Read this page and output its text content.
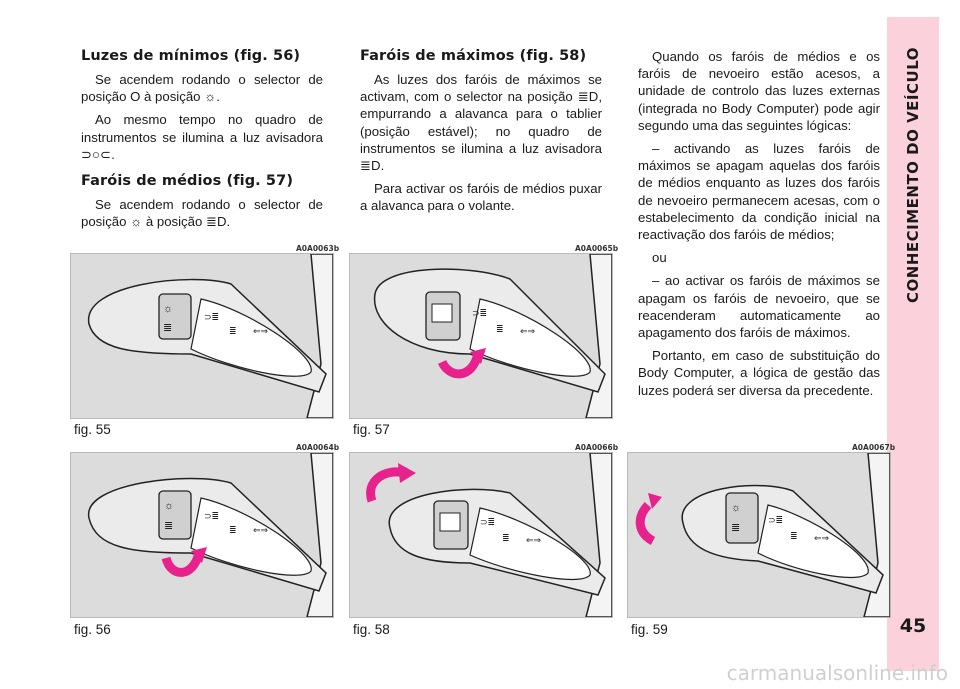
CONHECIMENTO DO VEÍCULO
45
Luzes de mínimos (fig. 56)

Se acendem rodando o selector de posição O à posição ☼.

Ao mesmo tempo no quadro de instrumentos se ilumina a luz avisadora ⊃○⊂.

Faróis de médios (fig. 57)

Se acendem rodando o selector de posição ☼ à posição ≣D.

Faróis de máximos (fig. 58)

As luzes dos faróis de máximos se activam, com o selector na posição ≣D, empurrando a alavanca para o tablier (posição estável); no quadro de instrumentos se ilumina a luz avisadora ≣D.

Para activar os faróis de médios puxar a alavanca para o volante.

Quando os faróis de médios e os faróis de nevoeiro estão acesos, a unidade de controlo das luzes externas (integrada no Body Computer) pode agir segundo uma das seguintes lógicas:

– activando as luzes faróis de máximos se apagam aquelas dos faróis de médios enquanto as luzes dos faróis de nevoeiro permanecem acesas, com o estabelecimento da condição inicial na reactivação dos faróis de médios;

ou

– ao activar os faróis de máximos se apagam os faróis de nevoeiro, que se reacenderam automaticamente ao apagamento dos faróis de máximos.

Portanto, em caso de substituição do Body Computer, a lógica de gestão das luzes poderá ser diversa da precedente.

A0A0063b
☼
≣
⊃≣
≣ ⇐⇒
fig. 55
A0A0065b
⊃≣
≣ ⇐⇒
fig. 57
A0A0064b
☼
≣
⊃≣
≣ ⇐⇒
fig. 56
A0A0066b
⊃≣
≣ ⇐⇒
fig. 58
A0A0067b
☼
≣
⊃≣
≣ ⇐⇒
fig. 59
carmanualsonline.info
